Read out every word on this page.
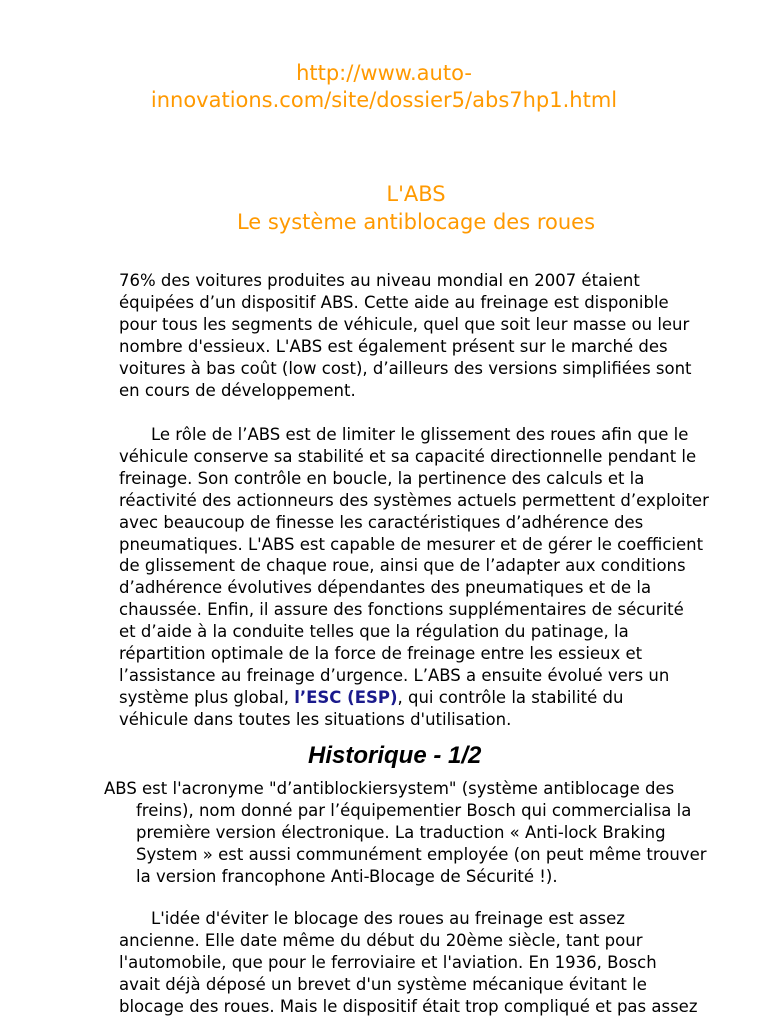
http://www.auto-
innovations.com/site/dossier5/abs7hp1.html
L'ABS
Le système antiblocage des roues

76% des voitures produites au niveau mondial en 2007 étaient
équipées d’un dispositif ABS. Cette aide au freinage est disponible
pour tous les segments de véhicule, quel que soit leur masse ou leur
nombre d'essieux. L'ABS est également présent sur le marché des
voitures à bas coût (low cost), d’ailleurs des versions simplifiées sont
en cours de développement.

Le rôle de l’ABS est de limiter le glissement des roues afin que le
véhicule conserve sa stabilité et sa capacité directionnelle pendant le
freinage. Son contrôle en boucle, la pertinence des calculs et la
réactivité des actionneurs des systèmes actuels permettent d’exploiter
avec beaucoup de finesse les caractéristiques d’adhérence des
pneumatiques. L'ABS est capable de mesurer et de gérer le coefficient
de glissement de chaque roue, ainsi que de l’adapter aux conditions
d’adhérence évolutives dépendantes des pneumatiques et de la
chaussée. Enfin, il assure des fonctions supplémentaires de sécurité
et d’aide à la conduite telles que la régulation du patinage, la
répartition optimale de la force de freinage entre les essieux et
l’assistance au freinage d’urgence. L’ABS a ensuite évolué vers un
système plus global, l’ESC (ESP), qui contrôle la stabilité du
véhicule dans toutes les situations d'utilisation.

Historique - 1/2

ABS est l'acronyme "d’antiblockiersystem" (système antiblocage des
freins), nom donné par l’équipementier Bosch qui commercialisa la
première version électronique. La traduction « Anti-lock Braking
System » est aussi communément employée (on peut même trouver
la version francophone Anti-Blocage de Sécurité !).

L'idée d'éviter le blocage des roues au freinage est assez
ancienne. Elle date même du début du 20ème siècle, tant pour
l'automobile, que pour le ferroviaire et l'aviation. En 1936, Bosch
avait déjà déposé un brevet d'un système mécanique évitant le
blocage des roues. Mais le dispositif était trop compliqué et pas assez
